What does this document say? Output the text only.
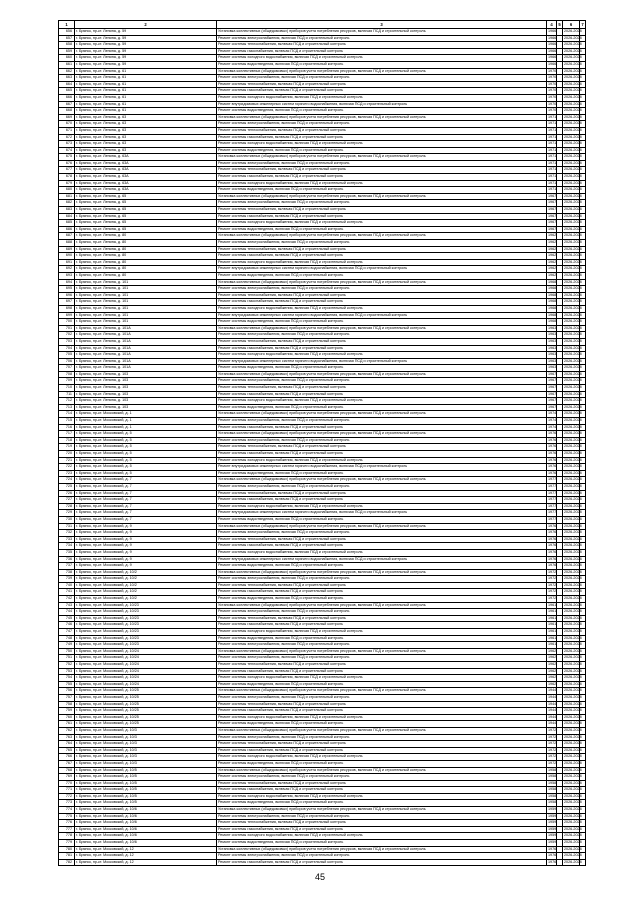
1	2	3	4	5	6	7
656	г. Брянск, пр-кт. Ленина, д. 59	Установка коллективных (общедомовых) приборов учета потребления ресурсов, включая ПСД и строительный контроль	1966		2026-2028	
657	г. Брянск, пр-кт. Ленина, д. 59	Ремонт системы электроснабжения, включая ПСД и строительный контроль	1966		2026-2028	
658	г. Брянск, пр-кт. Ленина, д. 59	Ремонт системы теплоснабжения, включая ПСД и строительный контроль	1966		2026-2028	
659	г. Брянск, пр-кт. Ленина, д. 59	Ремонт системы газоснабжения, включая ПСД и строительный контроль	1966		2026-2028	
660	г. Брянск, пр-кт. Ленина, д. 59	Ремонт системы холодного водоснабжения, включая ПСД и строительный контроль	1966		2026-2028	
661	г. Брянск, пр-кт. Ленина, д. 59	Ремонт системы водоотведения, включая ПСД и строительный контроль	1966		2026-2028	
662	г. Брянск, пр-кт. Ленина, д. 61	Установка коллективных (общедомовых) приборов учета потребления ресурсов, включая ПСД и строительный контроль	1970		2026-2028	
663	г. Брянск, пр-кт. Ленина, д. 61	Ремонт системы электроснабжения, включая ПСД и строительный контроль	1970		2026-2028	
664	г. Брянск, пр-кт. Ленина, д. 61	Ремонт системы теплоснабжения, включая ПСД и строительный контроль	1970		2026-2028	
665	г. Брянск, пр-кт. Ленина, д. 61	Ремонт системы газоснабжения, включая ПСД и строительный контроль	1970		2026-2028	
666	г. Брянск, пр-кт. Ленина, д. 61	Ремонт системы холодного водоснабжения, включая ПСД и строительный контроль	1970		2026-2028	
667	г. Брянск, пр-кт. Ленина, д. 61	Ремонт внутридомовых инженерных систем горячего водоснабжения, включая ПСД и строительный контроль	1970		2026-2028	
668	г. Брянск, пр-кт. Ленина, д. 61	Ремонт системы водоотведения, включая ПСД и строительный контроль	1970		2026-2028	
669	г. Брянск, пр-кт. Ленина, д. 63	Установка коллективных (общедомовых) приборов учета потребления ресурсов, включая ПСД и строительный контроль	1971		2026-2028	
670	г. Брянск, пр-кт. Ленина, д. 63	Ремонт системы электроснабжения, включая ПСД и строительный контроль	1971		2026-2028	
671	г. Брянск, пр-кт. Ленина, д. 63	Ремонт системы теплоснабжения, включая ПСД и строительный контроль	1971		2026-2028	
672	г. Брянск, пр-кт. Ленина, д. 63	Ремонт системы газоснабжения, включая ПСД и строительный контроль	1971		2026-2028	
673	г. Брянск, пр-кт. Ленина, д. 63	Ремонт системы холодного водоснабжения, включая ПСД и строительный контроль	1971		2026-2028	
674	г. Брянск, пр-кт. Ленина, д. 63	Ремонт системы водоотведения, включая ПСД и строительный контроль	1971		2026-2028	
675	г. Брянск, пр-кт. Ленина, д. 63А	Установка коллективных (общедомовых) приборов учета потребления ресурсов, включая ПСД и строительный контроль	1971		2026-2028	
676	г. Брянск, пр-кт. Ленина, д. 63А	Ремонт системы электроснабжения, включая ПСД и строительный контроль	1971		2026-2028	
677	г. Брянск, пр-кт. Ленина, д. 63А	Ремонт системы теплоснабжения, включая ПСД и строительный контроль	1971		2026-2028	
678	г. Брянск, пр-кт. Ленина, д. 63А	Ремонт системы газоснабжения, включая ПСД и строительный контроль	1971		2026-2028	
679	г. Брянск, пр-кт. Ленина, д. 63А	Ремонт системы холодного водоснабжения, включая ПСД и строительный контроль	1971		2026-2028	
680	г. Брянск, пр-кт. Ленина, д. 63А	Ремонт системы водоотведения, включая ПСД и строительный контроль	1971		2026-2028	
681	г. Брянск, пр-кт. Ленина, д. 65	Установка коллективных (общедомовых) приборов учета потребления ресурсов, включая ПСД и строительный контроль	1967		2026-2028	
682	г. Брянск, пр-кт. Ленина, д. 65	Ремонт системы электроснабжения, включая ПСД и строительный контроль	1967		2026-2028	
683	г. Брянск, пр-кт. Ленина, д. 65	Ремонт системы теплоснабжения, включая ПСД и строительный контроль	1967		2026-2028	
684	г. Брянск, пр-кт. Ленина, д. 65	Ремонт системы газоснабжения, включая ПСД и строительный контроль	1967		2026-2028	
685	г. Брянск, пр-кт. Ленина, д. 65	Ремонт системы холодного водоснабжения, включая ПСД и строительный контроль	1967		2026-2028	
686	г. Брянск, пр-кт. Ленина, д. 65	Ремонт системы водоотведения, включая ПСД и строительный контроль	1967		2026-2028	
687	г. Брянск, пр-кт. Ленина, д. 80	Установка коллективных (общедомовых) приборов учета потребления ресурсов, включая ПСД и строительный контроль	1962		2026-2028	
688	г. Брянск, пр-кт. Ленина, д. 80	Ремонт системы электроснабжения, включая ПСД и строительный контроль	1962		2026-2028	
689	г. Брянск, пр-кт. Ленина, д. 80	Ремонт системы теплоснабжения, включая ПСД и строительный контроль	1962		2026-2028	
690	г. Брянск, пр-кт. Ленина, д. 80	Ремонт системы газоснабжения, включая ПСД и строительный контроль	1962		2026-2028	
691	г. Брянск, пр-кт. Ленина, д. 80	Ремонт системы холодного водоснабжения, включая ПСД и строительный контроль	1962		2026-2028	
692	г. Брянск, пр-кт. Ленина, д. 80	Ремонт внутридомовых инженерных систем горячего водоснабжения, включая ПСД и строительный контроль	1962		2026-2028	
693	г. Брянск, пр-кт. Ленина, д. 80	Ремонт системы водоотведения, включая ПСД и строительный контроль	1962		2026-2028	
694	г. Брянск, пр-кт. Ленина, д. 101	Установка коллективных (общедомовых) приборов учета потребления ресурсов, включая ПСД и строительный контроль	1968		2026-2028	
695	г. Брянск, пр-кт. Ленина, д. 101	Ремонт системы электроснабжения, включая ПСД и строительный контроль	1968		2026-2028	
696	г. Брянск, пр-кт. Ленина, д. 101	Ремонт системы теплоснабжения, включая ПСД и строительный контроль	1968		2026-2028	
697	г. Брянск, пр-кт. Ленина, д. 101	Ремонт системы газоснабжения, включая ПСД и строительный контроль	1968		2026-2028	
698	г. Брянск, пр-кт. Ленина, д. 101	Ремонт системы холодного водоснабжения, включая ПСД и строительный контроль	1968		2026-2028	
699	г. Брянск, пр-кт. Ленина, д. 101	Ремонт внутридомовых инженерных систем горячего водоснабжения, включая ПСД и строительный контроль	1968		2026-2028	
700	г. Брянск, пр-кт. Ленина, д. 101	Ремонт системы водоотведения, включая ПСД и строительный контроль	1968		2026-2028	
701	г. Брянск, пр-кт. Ленина, д. 101А	Установка коллективных (общедомовых) приборов учета потребления ресурсов, включая ПСД и строительный контроль	1963		2026-2028	
702	г. Брянск, пр-кт. Ленина, д. 101А	Ремонт системы электроснабжения, включая ПСД и строительный контроль	1963		2026-2028	
703	г. Брянск, пр-кт. Ленина, д. 101А	Ремонт системы теплоснабжения, включая ПСД и строительный контроль	1963		2026-2028	
704	г. Брянск, пр-кт. Ленина, д. 101А	Ремонт системы газоснабжения, включая ПСД и строительный контроль	1963		2026-2028	
705	г. Брянск, пр-кт. Ленина, д. 101А	Ремонт системы холодного водоснабжения, включая ПСД и строительный контроль	1963		2026-2028	
706	г. Брянск, пр-кт. Ленина, д. 101А	Ремонт внутридомовых инженерных систем горячего водоснабжения, включая ПСД и строительный контроль	1963		2026-2028	
707	г. Брянск, пр-кт. Ленина, д. 101А	Ремонт системы водоотведения, включая ПСД и строительный контроль	1963		2026-2028	
708	г. Брянск, пр-кт. Ленина, д. 103	Установка коллективных (общедомовых) приборов учета потребления ресурсов, включая ПСД и строительный контроль	1967		2026-2028	
709	г. Брянск, пр-кт. Ленина, д. 103	Ремонт системы электроснабжения, включая ПСД и строительный контроль	1967		2026-2028	
710	г. Брянск, пр-кт. Ленина, д. 103	Ремонт системы теплоснабжения, включая ПСД и строительный контроль	1967		2026-2028	
711	г. Брянск, пр-кт. Ленина, д. 103	Ремонт системы газоснабжения, включая ПСД и строительный контроль	1967		2026-2028	
712	г. Брянск, пр-кт. Ленина, д. 103	Ремонт системы холодного водоснабжения, включая ПСД и строительный контроль	1967		2026-2028	
713	г. Брянск, пр-кт. Ленина, д. 103	Ремонт системы водоотведения, включая ПСД и строительный контроль	1967		2026-2028	
714	г. Брянск, пр-кт. Московский, д. 1	Установка коллективных (общедомовых) приборов учета потребления ресурсов, включая ПСД и строительный контроль	1974		2026-2028	
715	г. Брянск, пр-кт. Московский, д. 1	Ремонт системы электроснабжения, включая ПСД и строительный контроль	1974		2026-2028	
716	г. Брянск, пр-кт. Московский, д. 1	Ремонт системы газоснабжения, включая ПСД и строительный контроль	1974		2026-2028	
717	г. Брянск, пр-кт. Московский, д. 5	Установка коллективных (общедомовых) приборов учета потребления ресурсов, включая ПСД и строительный контроль	1976		2026-2028	
718	г. Брянск, пр-кт. Московский, д. 5	Ремонт системы электроснабжения, включая ПСД и строительный контроль	1976		2026-2028	
719	г. Брянск, пр-кт. Московский, д. 5	Ремонт системы теплоснабжения, включая ПСД и строительный контроль	1976		2026-2028	
720	г. Брянск, пр-кт. Московский, д. 5	Ремонт системы газоснабжения, включая ПСД и строительный контроль	1976		2026-2028	
721	г. Брянск, пр-кт. Московский, д. 5	Ремонт системы холодного водоснабжения, включая ПСД и строительный контроль	1976		2026-2028	
722	г. Брянск, пр-кт. Московский, д. 5	Ремонт внутридомовых инженерных систем горячего водоснабжения, включая ПСД и строительный контроль	1976		2026-2028	
723	г. Брянск, пр-кт. Московский, д. 5	Ремонт системы водоотведения, включая ПСД и строительный контроль	1976		2026-2028	
724	г. Брянск, пр-кт. Московский, д. 7	Установка коллективных (общедомовых) приборов учета потребления ресурсов, включая ПСД и строительный контроль	1977		2026-2028	
725	г. Брянск, пр-кт. Московский, д. 7	Ремонт системы электроснабжения, включая ПСД и строительный контроль	1977		2026-2028	
726	г. Брянск, пр-кт. Московский, д. 7	Ремонт системы теплоснабжения, включая ПСД и строительный контроль	1977		2026-2028	
727	г. Брянск, пр-кт. Московский, д. 7	Ремонт системы газоснабжения, включая ПСД и строительный контроль	1977		2026-2028	
728	г. Брянск, пр-кт. Московский, д. 7	Ремонт системы холодного водоснабжения, включая ПСД и строительный контроль	1977		2026-2028	
729	г. Брянск, пр-кт. Московский, д. 7	Ремонт внутридомовых инженерных систем горячего водоснабжения, включая ПСД и строительный контроль	1977		2026-2028	
730	г. Брянск, пр-кт. Московский, д. 7	Ремонт системы водоотведения, включая ПСД и строительный контроль	1977		2026-2028	
731	г. Брянск, пр-кт. Московский, д. 9	Установка коллективных (общедомовых) приборов учета потребления ресурсов, включая ПСД и строительный контроль	1976		2026-2028	
732	г. Брянск, пр-кт. Московский, д. 9	Ремонт системы электроснабжения, включая ПСД и строительный контроль	1976		2026-2028	
733	г. Брянск, пр-кт. Московский, д. 9	Ремонт системы теплоснабжения, включая ПСД и строительный контроль	1976		2026-2028	
734	г. Брянск, пр-кт. Московский, д. 9	Ремонт системы газоснабжения, включая ПСД и строительный контроль	1976		2026-2028	
735	г. Брянск, пр-кт. Московский, д. 9	Ремонт системы холодного водоснабжения, включая ПСД и строительный контроль	1976		2026-2028	
736	г. Брянск, пр-кт. Московский, д. 9	Ремонт внутридомовых инженерных систем горячего водоснабжения, включая ПСД и строительный контроль	1976		2026-2028	
737	г. Брянск, пр-кт. Московский, д. 9	Ремонт системы водоотведения, включая ПСД и строительный контроль	1976		2026-2028	
738	г. Брянск, пр-кт. Московский, д. 10/2	Установка коллективных (общедомовых) приборов учета потребления ресурсов, включая ПСД и строительный контроль	1972		2026-2028	
739	г. Брянск, пр-кт. Московский, д. 10/2	Ремонт системы электроснабжения, включая ПСД и строительный контроль	1972		2026-2028	
740	г. Брянск, пр-кт. Московский, д. 10/2	Ремонт системы теплоснабжения, включая ПСД и строительный контроль	1972		2026-2028	
741	г. Брянск, пр-кт. Московский, д. 10/2	Ремонт системы газоснабжения, включая ПСД и строительный контроль	1972		2026-2028	
742	г. Брянск, пр-кт. Московский, д. 10/2	Ремонт системы водоотведения, включая ПСД и строительный контроль	1972		2026-2028	
743	г. Брянск, пр-кт. Московский, д. 10/23	Установка коллективных (общедомовых) приборов учета потребления ресурсов, включая ПСД и строительный контроль	1961		2026-2028	
744	г. Брянск, пр-кт. Московский, д. 10/23	Ремонт системы электроснабжения, включая ПСД и строительный контроль	1961		2026-2028	
745	г. Брянск, пр-кт. Московский, д. 10/23	Ремонт системы теплоснабжения, включая ПСД и строительный контроль	1961		2026-2028	
746	г. Брянск, пр-кт. Московский, д. 10/23	Ремонт системы газоснабжения, включая ПСД и строительный контроль	1961		2026-2028	
747	г. Брянск, пр-кт. Московский, д. 10/23	Ремонт системы холодного водоснабжения, включая ПСД и строительный контроль	1961		2026-2028	
748	г. Брянск, пр-кт. Московский, д. 10/23	Ремонт системы водоотведения, включая ПСД и строительный контроль	1961		2026-2028	
749	г. Брянск, пр-кт. Московский, д. 10/23	Ремонт системы электроснабжения, включая ПСД и строительный контроль	1961		2026-2028	
750	г. Брянск, пр-кт. Московский, д. 10/24	Установка коллективных (общедомовых) приборов учета потребления ресурсов, включая ПСД и строительный контроль	1962		2026-2028	
751	г. Брянск, пр-кт. Московский, д. 10/24	Ремонт системы электроснабжения, включая ПСД и строительный контроль	1962		2026-2028	
752	г. Брянск, пр-кт. Московский, д. 10/24	Ремонт системы теплоснабжения, включая ПСД и строительный контроль	1962		2026-2028	
753	г. Брянск, пр-кт. Московский, д. 10/24	Ремонт системы газоснабжения, включая ПСД и строительный контроль	1962		2026-2028	
754	г. Брянск, пр-кт. Московский, д. 10/24	Ремонт системы холодного водоснабжения, включая ПСД и строительный контроль	1962		2026-2028	
755	г. Брянск, пр-кт. Московский, д. 10/24	Ремонт системы водоотведения, включая ПСД и строительный контроль	1962		2026-2028	
756	г. Брянск, пр-кт. Московский, д. 10/25	Установка коллективных (общедомовых) приборов учета потребления ресурсов, включая ПСД и строительный контроль	1944		2026-2028	
757	г. Брянск, пр-кт. Московский, д. 10/25	Ремонт системы электроснабжения, включая ПСД и строительный контроль	1944		2026-2028	
758	г. Брянск, пр-кт. Московский, д. 10/25	Ремонт системы теплоснабжения, включая ПСД и строительный контроль	1944		2026-2028	
759	г. Брянск, пр-кт. Московский, д. 10/25	Ремонт системы газоснабжения, включая ПСД и строительный контроль	1944		2026-2028	
760	г. Брянск, пр-кт. Московский, д. 10/25	Ремонт системы холодного водоснабжения, включая ПСД и строительный контроль	1944		2026-2028	
761	г. Брянск, пр-кт. Московский, д. 10/25	Ремонт системы водоотведения, включая ПСД и строительный контроль	1944		2026-2028	
762	г. Брянск, пр-кт. Московский, д. 10/3	Установка коллективных (общедомовых) приборов учета потребления ресурсов, включая ПСД и строительный контроль	1972		2026-2028	
763	г. Брянск, пр-кт. Московский, д. 10/3	Ремонт системы электроснабжения, включая ПСД и строительный контроль	1972		2026-2028	
764	г. Брянск, пр-кт. Московский, д. 10/3	Ремонт системы теплоснабжения, включая ПСД и строительный контроль	1972		2026-2028	
765	г. Брянск, пр-кт. Московский, д. 10/3	Ремонт системы газоснабжения, включая ПСД и строительный контроль	1972		2026-2028	
766	г. Брянск, пр-кт. Московский, д. 10/3	Ремонт системы холодного водоснабжения, включая ПСД и строительный контроль	1972		2026-2028	
767	г. Брянск, пр-кт. Московский, д. 10/3	Ремонт системы водоотведения, включая ПСД и строительный контроль	1972		2026-2028	
768	г. Брянск, пр-кт. Московский, д. 10/5	Установка коллективных (общедомовых) приборов учета потребления ресурсов, включая ПСД и строительный контроль	1958		2026-2028	
769	г. Брянск, пр-кт. Московский, д. 10/5	Ремонт системы электроснабжения, включая ПСД и строительный контроль	1958		2026-2028	
770	г. Брянск, пр-кт. Московский, д. 10/5	Ремонт системы теплоснабжения, включая ПСД и строительный контроль	1958		2026-2028	
771	г. Брянск, пр-кт. Московский, д. 10/5	Ремонт системы газоснабжения, включая ПСД и строительный контроль	1958		2026-2028	
772	г. Брянск, пр-кт. Московский, д. 10/5	Ремонт системы холодного водоснабжения, включая ПСД и строительный контроль	1958		2026-2028	
773	г. Брянск, пр-кт. Московский, д. 10/5	Ремонт системы водоотведения, включая ПСД и строительный контроль	1958		2026-2028	
774	г. Брянск, пр-кт. Московский, д. 10/6	Установка коллективных (общедомовых) приборов учета потребления ресурсов, включая ПСД и строительный контроль	1959		2026-2028	
775	г. Брянск, пр-кт. Московский, д. 10/6	Ремонт системы электроснабжения, включая ПСД и строительный контроль	1959		2026-2028	
776	г. Брянск, пр-кт. Московский, д. 10/6	Ремонт системы теплоснабжения, включая ПСД и строительный контроль	1959		2026-2028	
777	г. Брянск, пр-кт. Московский, д. 10/6	Ремонт системы газоснабжения, включая ПСД и строительный контроль	1959		2026-2028	
778	г. Брянск, пр-кт. Московский, д. 10/6	Ремонт системы холодного водоснабжения, включая ПСД и строительный контроль	1959		2026-2028	
779	г. Брянск, пр-кт. Московский, д. 10/6	Ремонт системы водоотведения, включая ПСД и строительный контроль	1959		2026-2028	
780	г. Брянск, пр-кт. Московский, д. 12	Установка коллективных (общедомовых) приборов учета потребления ресурсов, включая ПСД и строительный контроль	1976		2026-2028	
781	г. Брянск, пр-кт. Московский, д. 12	Ремонт системы электроснабжения, включая ПСД и строительный контроль	1976		2026-2028	
782	г. Брянск, пр-кт. Московский, д. 12	Ремонт системы газоснабжения, включая ПСД и строительный контроль	1976		2026-2028	
45
